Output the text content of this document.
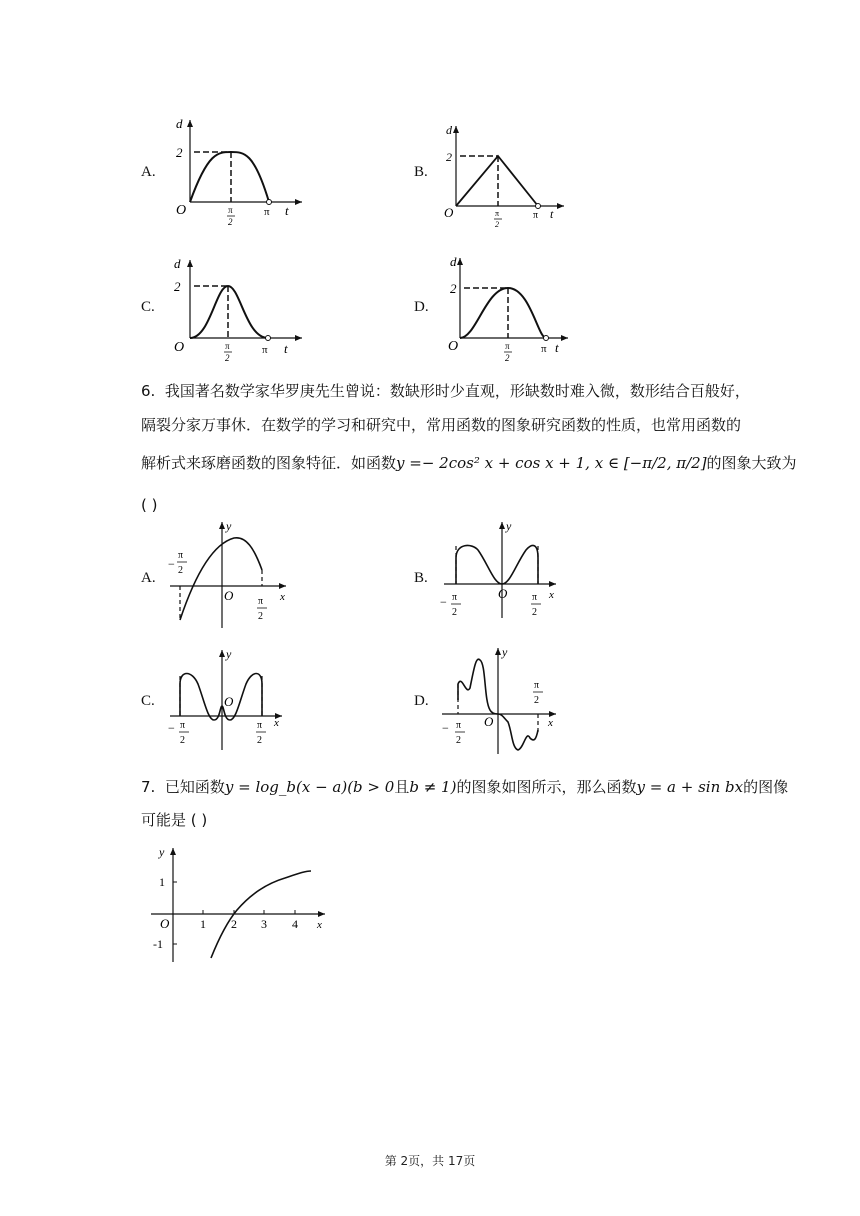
A.
d
2
O	π
2
π t
B.
d
2
O	π
2
π t
C.
d
2
O	π
2
π t
D.
d
2
O	π
2
π t
6. 我国著名数学家华罗庚先生曾说：数缺形时少直观，形缺数时难入微，数形结合百般好，
隔裂分家万事休．在数学的学习和研究中，常用函数的图象研究函数的性质，也常用函数的
解析式来琢磨函数的图象特征．如函数y =− 2cos² x + cos x + 1, x ∈ [−π/2, π/2]的图象大致为
( )
A.
y
x
O
−
π
2
π
2
B.
y
x
O
− π
2
π
2
C.
y
x
O
− π
2
π
2
D.
y
x
O
− π
2
π
2
7. 已知函数y = log_b(x − a)(b > 0且b ≠ 1)的图象如图所示，那么函数y = a + sin bx的图像
可能是 ( )
y
x
O	1 2 3 4
1
-1
第 2页，共 17页
